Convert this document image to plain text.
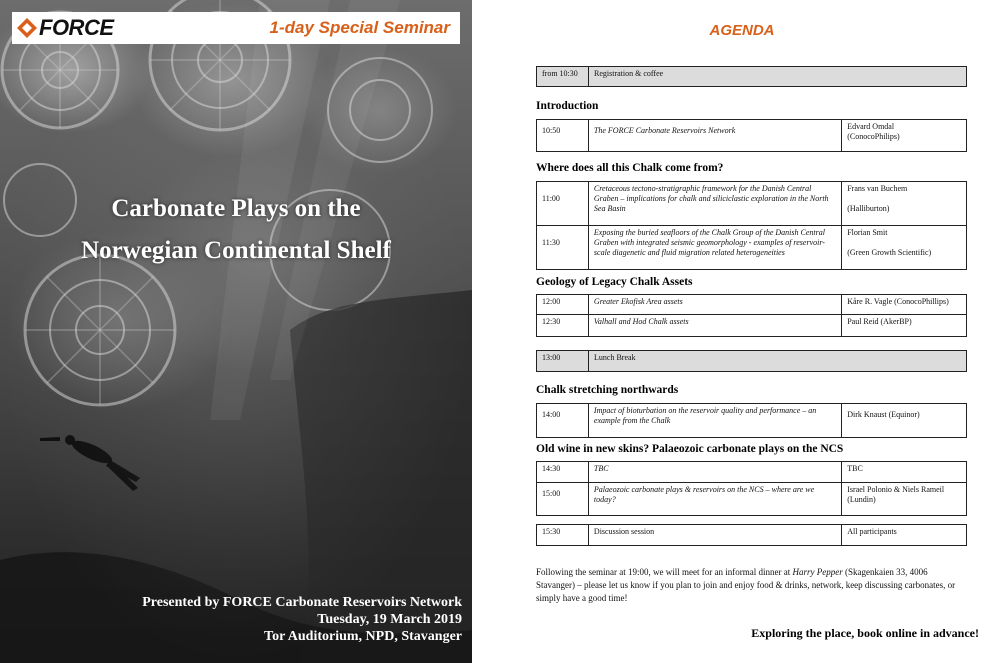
FORCE	1-day Special Seminar
Carbonate Plays on the
Norwegian Continental Shelf
Presented by FORCE Carbonate Reservoirs Network
Tuesday, 19 March 2019
Tor Auditorium, NPD, Stavanger
AGENDA
from 10:30	Registration & coffee
Introduction
10:50	The FORCE Carbonate Reservoirs Network	Edvard Omdal
(ConocoPhilips)
Where does all this Chalk come from?
11:00	Cretaceous tectono-stratigraphic framework for the Danish Central Graben – implications for chalk and siliciclastic exploration in the North Sea Basin	Frans van Buchem
(Halliburton)

11:30	Exposing the buried seafloors of the Chalk Group of the Danish Central Graben with integrated seismic geomorphology - examples of reservoir-scale diagenetic and fluid migration related heterogeneities	Florian Smit
(Green Growth Scientific)
Geology of Legacy Chalk Assets
12:00	Greater Ekofisk Area assets	Kåre R. Vagle (ConocoPhillips)
12:30	Valhall and Hod Chalk assets	Paul Reid (AkerBP)
13:00	Lunch Break
Chalk stretching northwards
14:00	Impact of bioturbation on the reservoir quality and performance – an example from the Chalk	Dirk Knaust (Equinor)
Old wine in new skins? Palaeozoic carbonate plays on the NCS
14:30	TBC	TBC
15:00	Palaeozoic carbonate plays & reservoirs on the NCS – where are we today?	Israel Polonio & Niels Rameil
(Lundin)
15:30	Discussion session	All participants
Following the seminar at 19:00, we will meet for an informal dinner at Harry Pepper (Skagenkaien 33, 4006 Stavanger) – please let us know if you plan to join and enjoy food & drinks, network, keep discussing carbonates, or simply have a good time!
Exploring the place, book online in advance!
